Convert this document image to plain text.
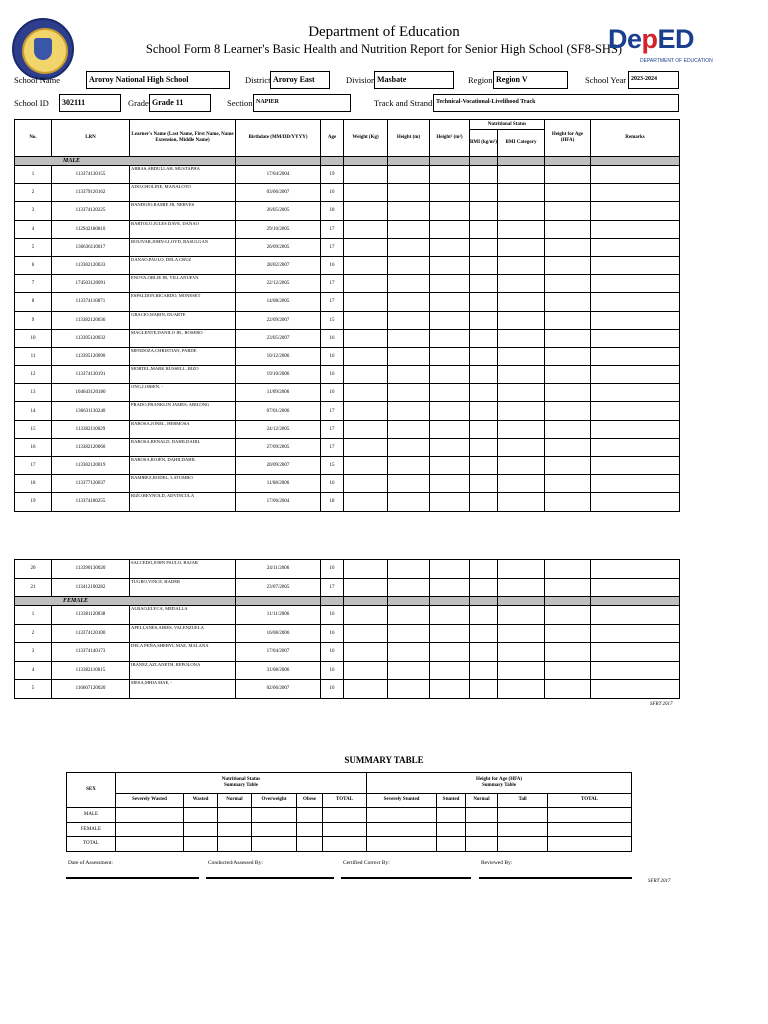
Department of Education
School Form 8 Learner's Basic Health and Nutrition Report for Senior High School (SF8-SHS)
DepED
DEPARTMENT OF EDUCATION
School Name	Aroroy National High School	District Aroroy East	Division Masbate	Region Region V	School Year 2023-2024
School ID	302111	Grade Grade 11	Section NAPIER	Track and Strand Technical-Vocational-Livelihood Track
No.	LRN	Learner's Name (Last Name, First Name, Name Extension, Middle Name)	Birthdate (MM/DD/YYYY)	Age	Weight (Kg)	Height (m)	Height² (m²)	Nutritional Status		Height for Age (HFA)	Remarks
								BMI (kg/m²)	BMI Category		
MALE											
1	113374130155	ABBAS,ABDULLAH, MUSTAPHA	17/04/2004	19							
2	113379120162	ADO,CHOLINE, MANALOTO	03/06/2007	16							
3	113374120225	BANDOJO,RAMIE JR, NERVES	26/05/2005	18							
4	112942180810	BARTOLO,JULES DAVE, DANAO	29/10/2005	17							
5	136636110017	BOLIVAR,JOHN-LLOYD, BASULGAN	26/09/2005	17							
6	113382120033	DANAO,PAULO, DELA CRUZ	28/02/2007	16							
7	174503120091	ENOVA,ORLIE JR, VILLANUEVA	22/12/2005	17							
8	113374110871	ESPALDON,RICARDO, MONESET	14/08/2005	17							
9	113382120036	GRACIO,WARIN, DUARTE	22/09/2007	15							
10	113395120032	MAGLENTE,DANILO JR., ROSERO	23/05/2007	16							
11	113395120090	MENDOZA,CHRISTIAN, PARDE	10/12/2006	16							
12	113374130191	MORTEL,MARK RUSSELL, RIZO	19/10/2006	16							
13	104643120180	ONG,LORIEN, -	11/09/2006	16							
14	136631130240	PRADO,FRANKLIN JAMES, ABILONG	07/01/2006	17							
15	113382110029	RABOSA,JONEL, HERMOSA	24/12/2005	17							
16	113382120060	RABOSA,RENALD, DAHILDAHIL	27/09/2005	17							
17	113382120019	RABOSA,ROJEN, DAHILDAHIL	20/09/2007	15							
18	113377120037	RAMIREZ,RODEL, LATUMBO	11/08/2006	16							
19	113374180255	RIZO,REYNOLD, ADVINCULA	17/06/2004	18							
20	113390130020	SALCEDO,JOHN PAULO, BAJAR	24/11/2006	16							
21	113412100282	TUGBO,VINCE, HADER	23/07/2005	17							
FEMALE											
1	113381120038	ALBAO,ELYCA, MEDALLA	11/11/2006	16							
2	113374120100	APELLANES,AIRES, VALENZUELA	16/08/2006	16							
3	113374140173	DELA PEÑA,SHERYL MAE, MALANA	17/04/2007	16							
4	113382110015	IBANEZ,AZLANETH, REPOLONA	31/08/2006	16							
5	116607120020	MESA,MHIA MAE, -	02/06/2007	16							
SFRT 2017
SUMMARY TABLE
SEX	Nutritional Status
Summary Table						Height for Age (HFA)
Summary Table				
	Severely Wasted	Wasted	Normal	Overweight	Obese	TOTAL	Severely Stunted	Stunted	Normal	Tall	TOTAL
MALE											
FEMALE											
TOTAL											
SFRT 2017
Date of Assessment:	Conducted/Assessed By:	Certified Correct By:	Reviewed By:
